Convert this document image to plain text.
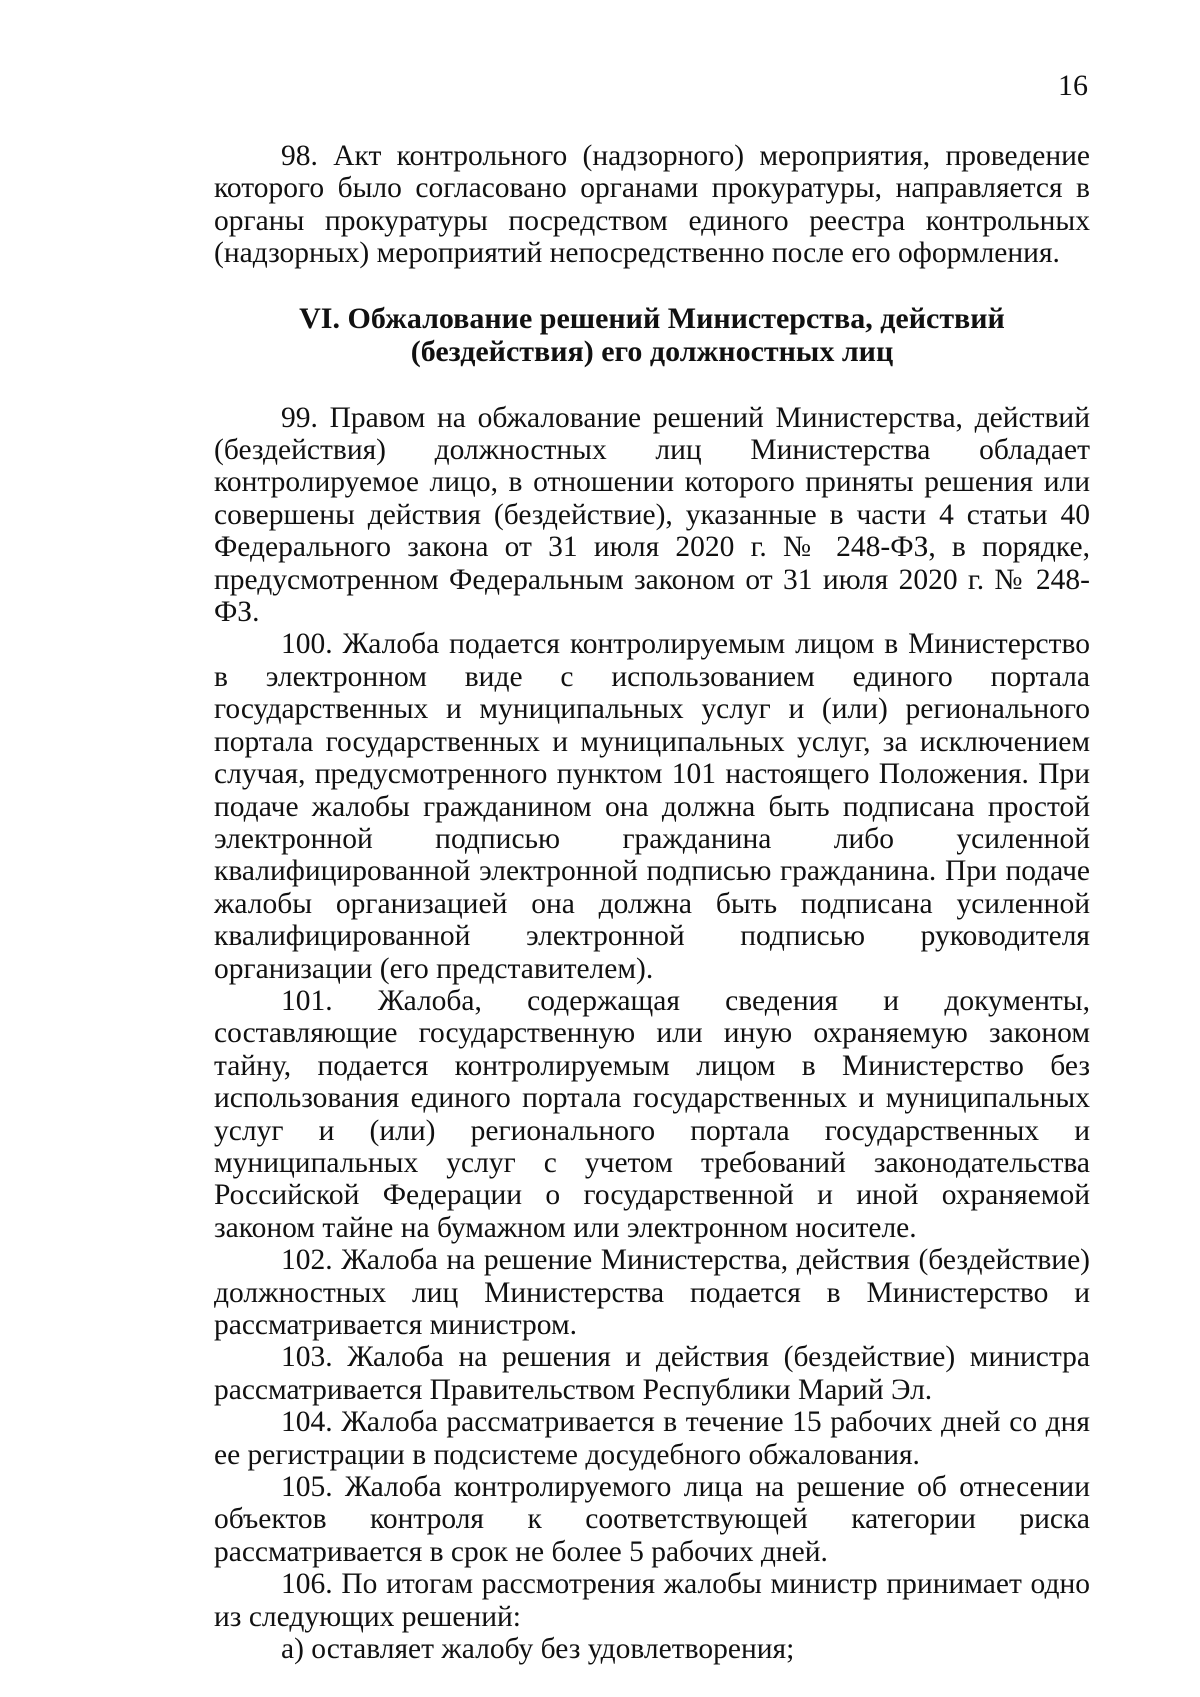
16

98. Акт контрольного (надзорного) мероприятия, проведение которого было согласовано органами прокуратуры, направляется в органы прокуратуры посредством единого реестра контрольных (надзорных) мероприятий непосредственно после его оформления.

VI. Обжалование решений Министерства, действий
(бездействия) его должностных лиц

99. Правом на обжалование решений Министерства, действий (бездействия) должностных лиц Министерства обладает контролируемое лицо, в отношении которого приняты решения или совершены действия (бездействие), указанные в части 4 статьи 40 Федерального закона от 31 июля 2020 г. № 248-ФЗ, в порядке, предусмотренном Федеральным законом от 31 июля 2020 г. № 248-ФЗ.

100. Жалоба подается контролируемым лицом в Министерство в электронном виде с использованием единого портала государственных и муниципальных услуг и (или) регионального портала государственных и муниципальных услуг, за исключением случая, предусмотренного пунктом 101 настоящего Положения. При подаче жалобы гражданином она должна быть подписана простой электронной подписью гражданина либо усиленной квалифицированной электронной подписью гражданина. При подаче жалобы организацией она должна быть подписана усиленной квалифицированной электронной подписью руководителя организации (его представителем).

101. Жалоба, содержащая сведения и документы, составляющие государственную или иную охраняемую законом тайну, подается контролируемым лицом в Министерство без использования единого портала государственных и муниципальных услуг и (или) регионального портала государственных и муниципальных услуг с учетом требований законодательства Российской Федерации о государственной и иной охраняемой законом тайне на бумажном или электронном носителе.

102. Жалоба на решение Министерства, действия (бездействие) должностных лиц Министерства подается в Министерство и рассматривается министром.

103. Жалоба на решения и действия (бездействие) министра рассматривается Правительством Республики Марий Эл.

104. Жалоба рассматривается в течение 15 рабочих дней со дня ее регистрации в подсистеме досудебного обжалования.

105. Жалоба контролируемого лица на решение об отнесении объектов контроля к соответствующей категории риска рассматривается в срок не более 5 рабочих дней.

106. По итогам рассмотрения жалобы министр принимает одно из следующих решений:

а) оставляет жалобу без удовлетворения;
